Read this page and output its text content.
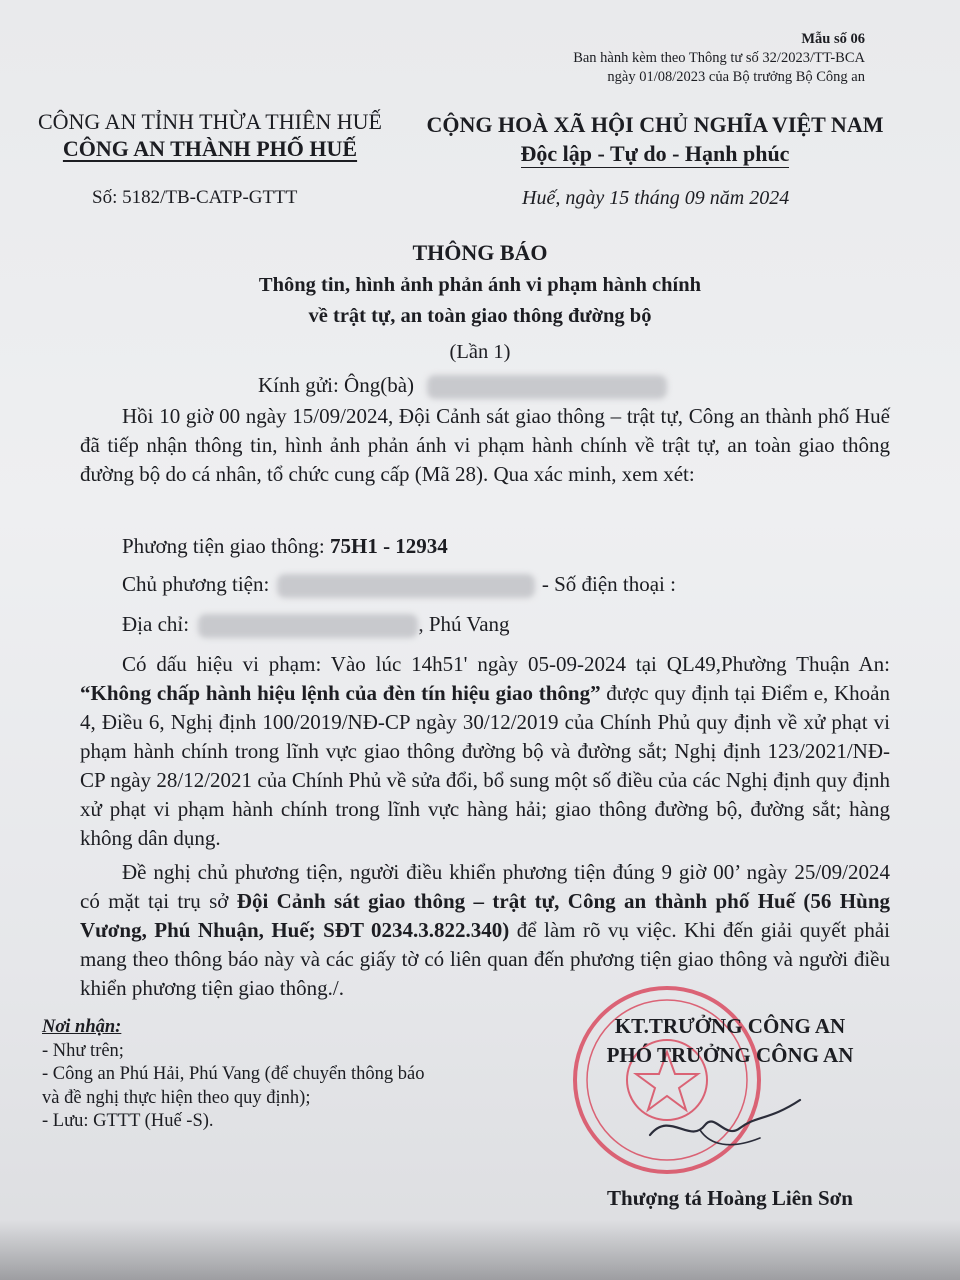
Mẫu số 06
Ban hành kèm theo Thông tư số 32/2023/TT-BCA
ngày 01/08/2023 của Bộ trưởng Bộ Công an
CÔNG AN TỈNH THỪA THIÊN HUẾ
CÔNG AN THÀNH PHỐ HUẾ
CỘNG HOÀ XÃ HỘI CHỦ NGHĨA VIỆT NAM
Độc lập - Tự do - Hạnh phúc
Số: 5182/TB-CATP-GTTT	Huế, ngày 15 tháng 09 năm 2024
THÔNG BÁO
Thông tin, hình ảnh phản ánh vi phạm hành chính
về trật tự, an toàn giao thông đường bộ
(Lần 1)
Kính gửi: Ông(bà)
Hồi 10 giờ 00 ngày 15/09/2024, Đội Cảnh sát giao thông – trật tự, Công an thành phố Huế đã tiếp nhận thông tin, hình ảnh phản ánh vi phạm hành chính về trật tự, an toàn giao thông đường bộ do cá nhân, tổ chức cung cấp (Mã 28). Qua xác minh, xem xét:
Phương tiện giao thông: 75H1 - 12934
Chủ phương tiện:	- Số điện thoại :
Địa chỉ:	, Phú Vang
Có dấu hiệu vi phạm: Vào lúc 14h51' ngày 05-09-2024 tại QL49,Phường Thuận An: “Không chấp hành hiệu lệnh của đèn tín hiệu giao thông” được quy định tại Điểm e, Khoản 4, Điều 6, Nghị định 100/2019/NĐ-CP ngày 30/12/2019 của Chính Phủ quy định về xử phạt vi phạm hành chính trong lĩnh vực giao thông đường bộ và đường sắt; Nghị định 123/2021/NĐ-CP ngày 28/12/2021 của Chính Phủ về sửa đổi, bổ sung một số điều của các Nghị định quy định xử phạt vi phạm hành chính trong lĩnh vực hàng hải; giao thông đường bộ, đường sắt; hàng không dân dụng.
Đề nghị chủ phương tiện, người điều khiển phương tiện đúng 9 giờ 00’ ngày 25/09/2024 có mặt tại trụ sở Đội Cảnh sát giao thông – trật tự, Công an thành phố Huế (56 Hùng Vương, Phú Nhuận, Huế; SĐT 0234.3.822.340) để làm rõ vụ việc. Khi đến giải quyết phải mang theo thông báo này và các giấy tờ có liên quan đến phương tiện giao thông và người điều khiển phương tiện giao thông./.
Nơi nhận:
- Như trên;
- Công an Phú Hải, Phú Vang (để chuyển thông báo
và đề nghị thực hiện theo quy định);
- Lưu: GTTT (Huế -S).
KT.TRƯỞNG CÔNG AN
PHÓ TRƯỞNG CÔNG AN
Thượng tá Hoàng Liên Sơn
